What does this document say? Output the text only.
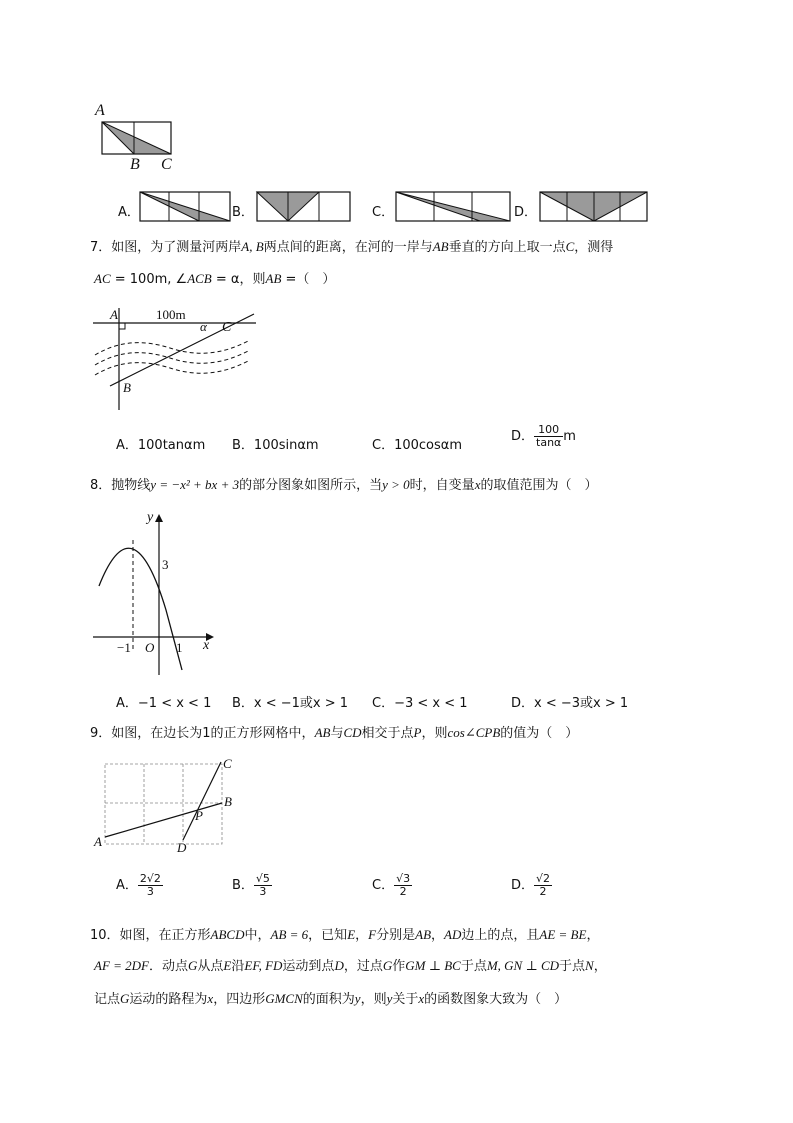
A
B C
A．	B．	C．	D．
7．如图，为了测量河两岸A, B两点间的距离，在河的一岸与AB垂直的方向上取一点C，测得
AC = 100m, ∠ACB = α，则AB =（　）
A	100m
α C
B
A．100tanαm B．100sinαm	C．100cosαm
D． $\frac{100}{\tan\alpha}$ m
8．抛物线y = −x² + bx + 3的部分图象如图所示，当y > 0时，自变量x的取值范围为（　）
y
x
3
−1 O 1
A．−1 < x < 1 B．x < −1或x > 1 C．−3 < x < 1	D．x < −3或x > 1
9．如图，在边长为1的正方形网格中，AB与CD相交于点P，则cos∠CPB的值为（　）
A
B
C
D
P
A． $\frac{2√2}{3}$	B． $\frac{√5}{3}$	C． $\frac{√3}{2}$	D． $\frac{√2}{2}$
10．如图，在正方形ABCD中，AB = 6，已知E，F分别是AB，AD边上的点，且AE = BE，
AF = 2DF．动点G从点E沿EF, FD运动到点D，过点G作GM ⊥ BC于点M, GN ⊥ CD于点N，
记点G运动的路程为x，四边形GMCN的面积为y，则y关于x的函数图象大致为（　）
